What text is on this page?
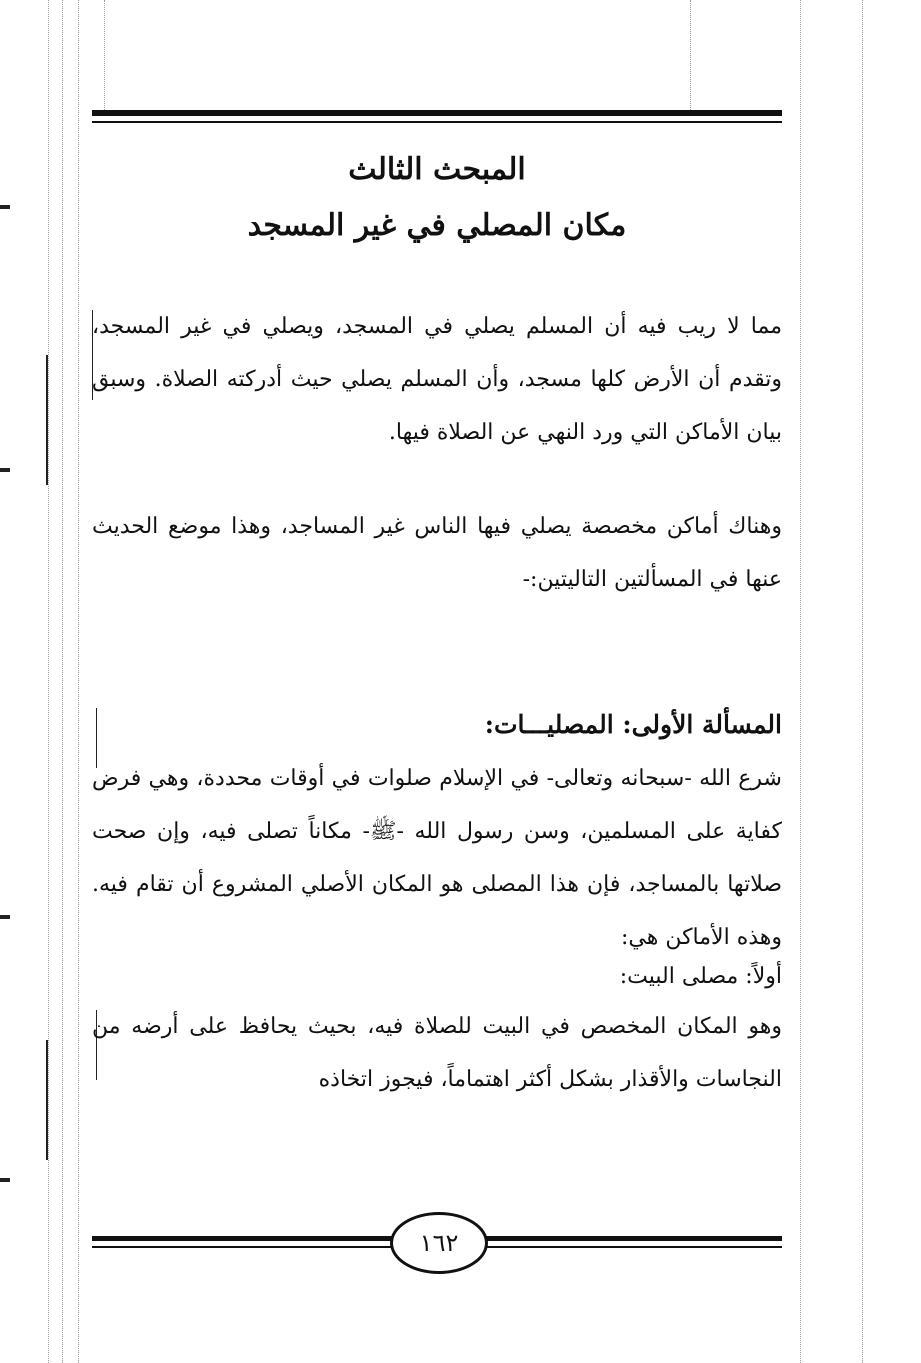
المبحث الثالث
مكان المصلي في غير المسجد
مما لا ريب فيه أن المسلم يصلي في المسجد، ويصلي في غير المسجد، وتقدم أن الأرض كلها مسجد، وأن المسلم يصلي حيث أدركته الصلاة. وسبق بيان الأماكن التي ورد النهي عن الصلاة فيها.
وهناك أماكن مخصصة يصلي فيها الناس غير المساجد، وهذا موضع الحديث عنها في المسألتين التاليتين:-
المسألة الأولى: المصليـــات:
شرع الله -سبحانه وتعالى- في الإسلام صلوات في أوقات محددة، وهي فرض كفاية على المسلمين، وسن رسول الله -ﷺ- مكاناً تصلى فيه، وإن صحت صلاتها بالمساجد، فإن هذا المصلى هو المكان الأصلي المشروع أن تقام فيه. وهذه الأماكن هي:
أولاً: مصلى البيت:
وهو المكان المخصص في البيت للصلاة فيه، بحيث يحافظ على أرضه من النجاسات والأقذار بشكل أكثر اهتماماً، فيجوز اتخاذه
١٦٢
